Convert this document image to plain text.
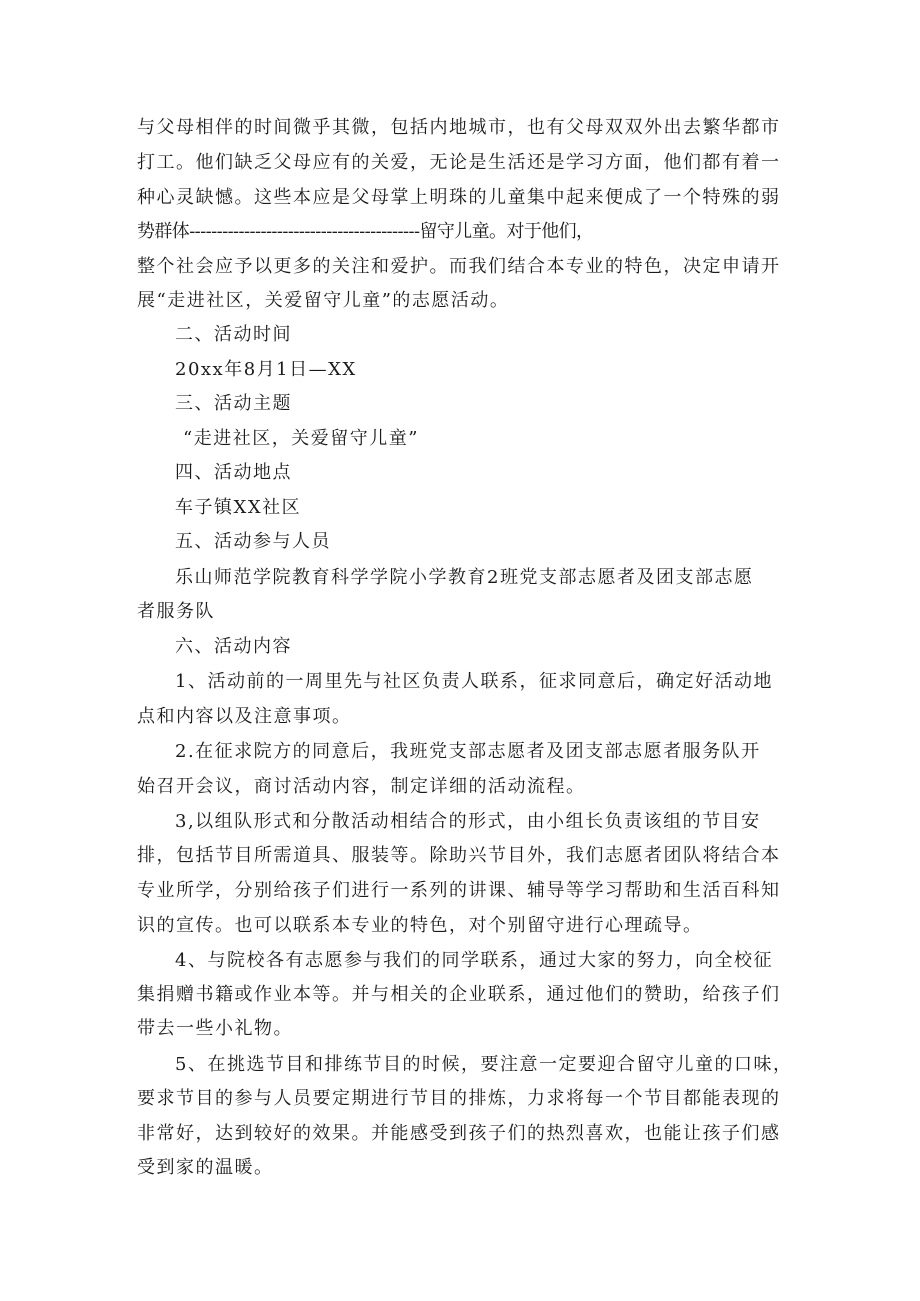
与父母相伴的时间微乎其微，包括内地城市，也有父母双双外出去繁华都市
打工。他们缺乏父母应有的关爱，无论是生活还是学习方面，他们都有着一
种心灵缺憾。这些本应是父母掌上明珠的儿童集中起来便成了一个特殊的弱
势群体------------------------------------------留守儿童。对于他们，
整个社会应予以更多的关注和爱护。而我们结合本专业的特色，决定申请开
展“走进社区，关爱留守儿童”的志愿活动。
二、活动时间
20xx年8月1日—XX
三、活动主题
“走进社区，关爱留守儿童”
四、活动地点
车子镇XX社区
五、活动参与人员
乐山师范学院教育科学学院小学教育2班党支部志愿者及团支部志愿
者服务队
六、活动内容
1、活动前的一周里先与社区负责人联系，征求同意后，确定好活动地
点和内容以及注意事项。
2.在征求院方的同意后，我班党支部志愿者及团支部志愿者服务队开
始召开会议，商讨活动内容，制定详细的活动流程。
3,以组队形式和分散活动相结合的形式，由小组长负责该组的节目安
排，包括节目所需道具、服装等。除助兴节目外，我们志愿者团队将结合本
专业所学，分别给孩子们进行一系列的讲课、辅导等学习帮助和生活百科知
识的宣传。也可以联系本专业的特色，对个别留守进行心理疏导。
4、与院校各有志愿参与我们的同学联系，通过大家的努力，向全校征
集捐赠书籍或作业本等。并与相关的企业联系，通过他们的赞助，给孩子们
带去一些小礼物。
5、在挑选节目和排练节目的时候，要注意一定要迎合留守儿童的口味，
要求节目的参与人员要定期进行节目的排炼，力求将每一个节目都能表现的
非常好，达到较好的效果。并能感受到孩子们的热烈喜欢，也能让孩子们感
受到家的温暖。
